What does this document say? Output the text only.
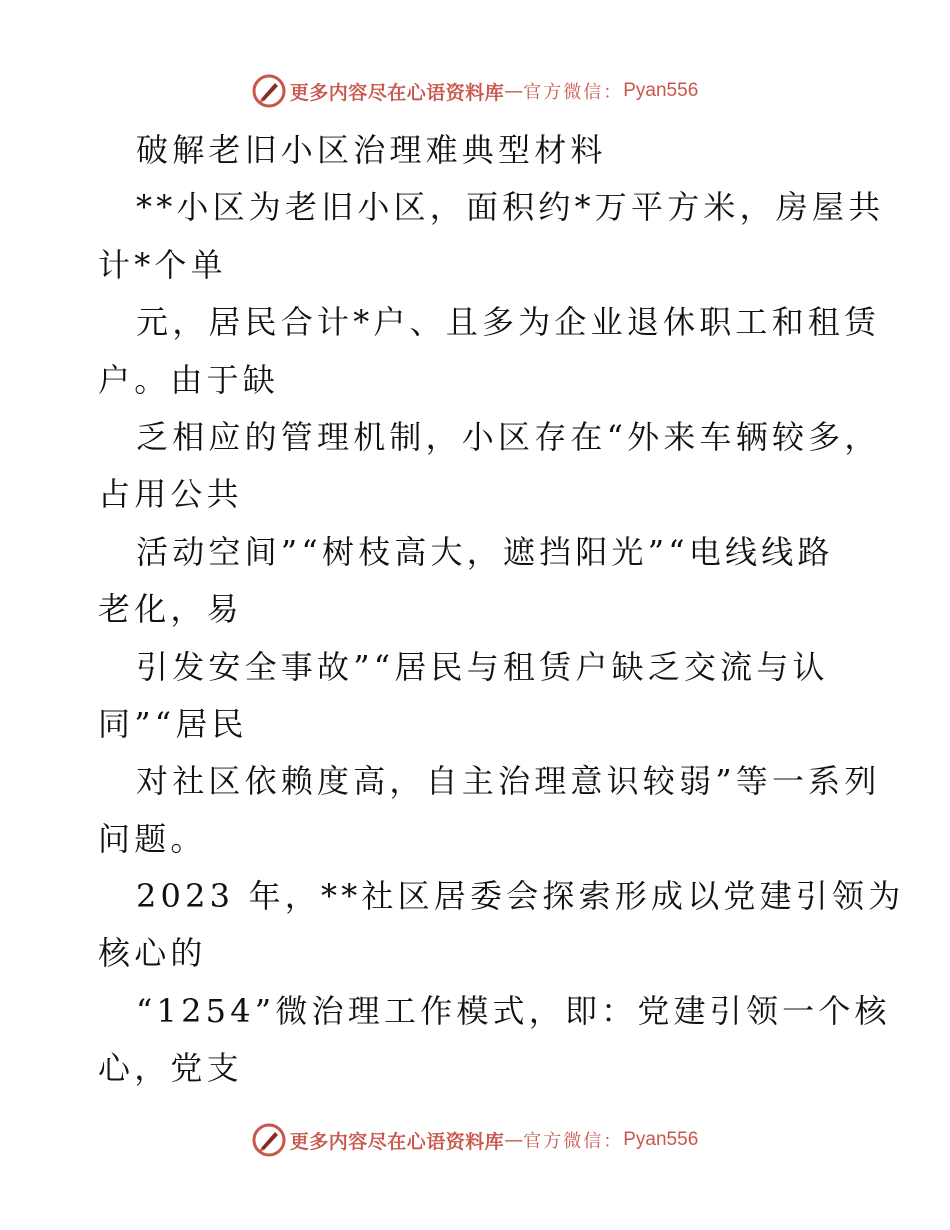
更多内容尽在心语资料库 — 官方微信： Pyan556
破解老旧小区治理难典型材料
**小区为老旧小区，面积约*万平方米，房屋共
计*个单
元，居民合计*户、且多为企业退休职工和租赁
户。由于缺
乏相应的管理机制，小区存在“外来车辆较多，
占用公共
活动空间”“树枝高大，遮挡阳光”“电线线路
老化，易
引发安全事故”“居民与租赁户缺乏交流与认
同”“居民
对社区依赖度高，自主治理意识较弱”等一系列
问题。
2023 年，**社区居委会探索形成以党建引领为
核心的
“1254”微治理工作模式，即：党建引领一个核
心，党支
更多内容尽在心语资料库 — 官方微信： Pyan556
